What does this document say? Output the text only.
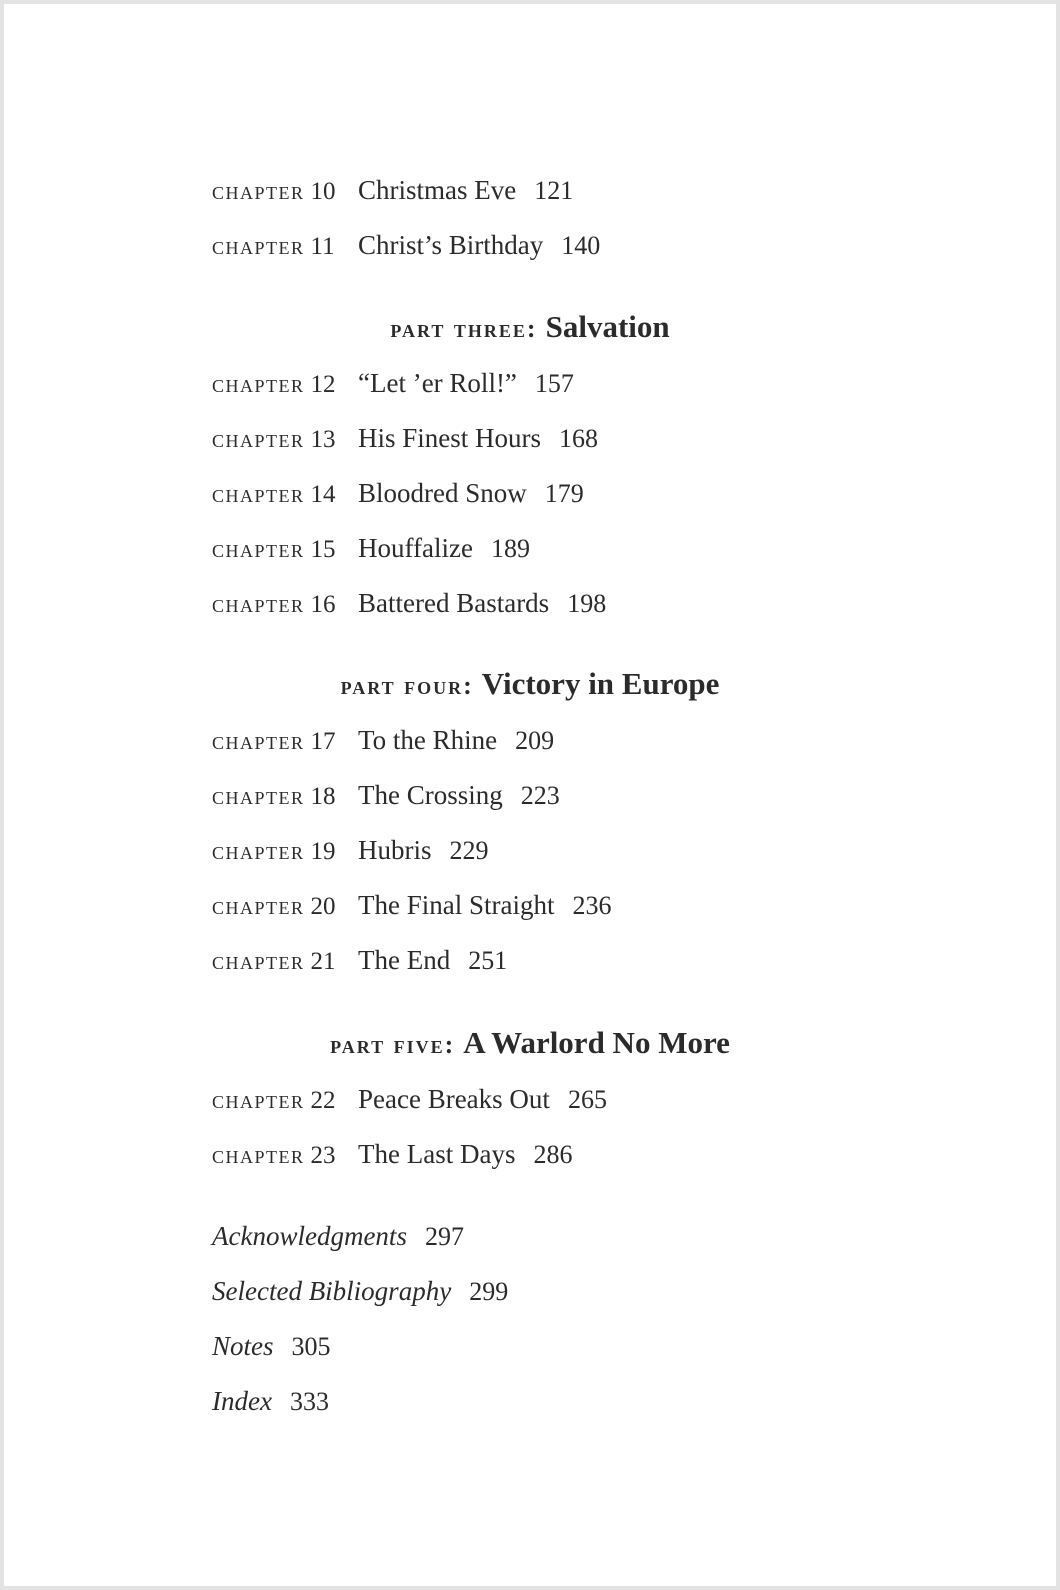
chapter 10 Christmas Eve 121
chapter 11 Christ’s Birthday 140
part three: Salvation
chapter 12 “Let ’er Roll!” 157
chapter 13 His Finest Hours 168
chapter 14 Bloodred Snow 179
chapter 15 Houffalize 189
chapter 16 Battered Bastards 198
part four: Victory in Europe
chapter 17 To the Rhine 209
chapter 18 The Crossing 223
chapter 19 Hubris 229
chapter 20 The Final Straight 236
chapter 21 The End 251
part five: A Warlord No More
chapter 22 Peace Breaks Out 265
chapter 23 The Last Days 286
Acknowledgments 297
Selected Bibliography 299
Notes 305
Index 333
